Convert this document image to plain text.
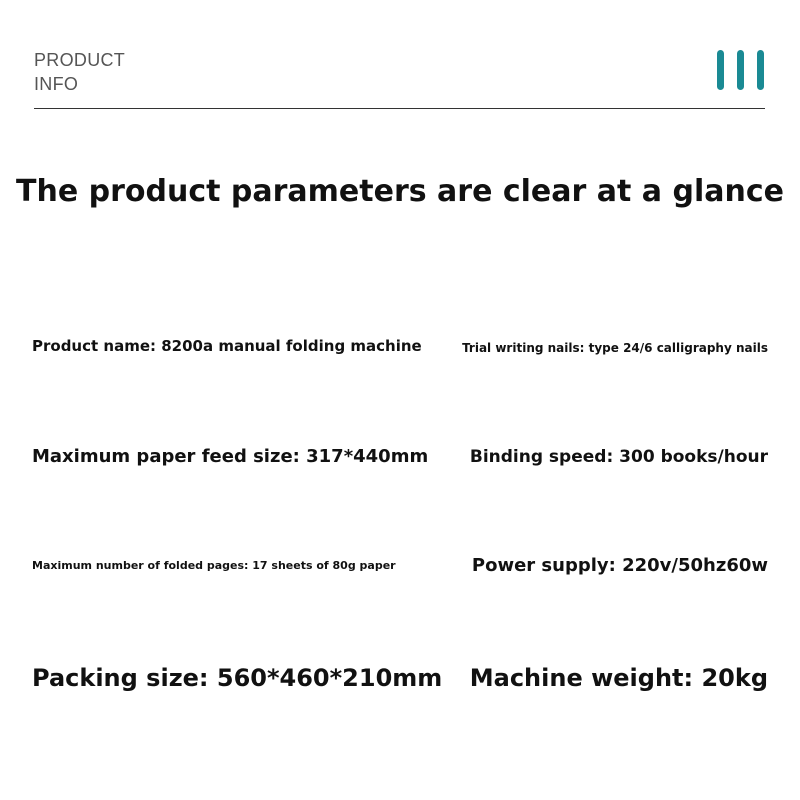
PRODUCT
INFO
The product parameters are clear at a glance
Product name: 8200a manual folding machine	Trial writing nails: type 24/6 calligraphy nails
Maximum paper feed size: 317*440mm Binding speed: 300 books/hour
Maximum number of folded pages: 17 sheets of 80g paper	Power supply: 220v/50hz60w
Packing size: 560*460*210mm Machine weight: 20kg
